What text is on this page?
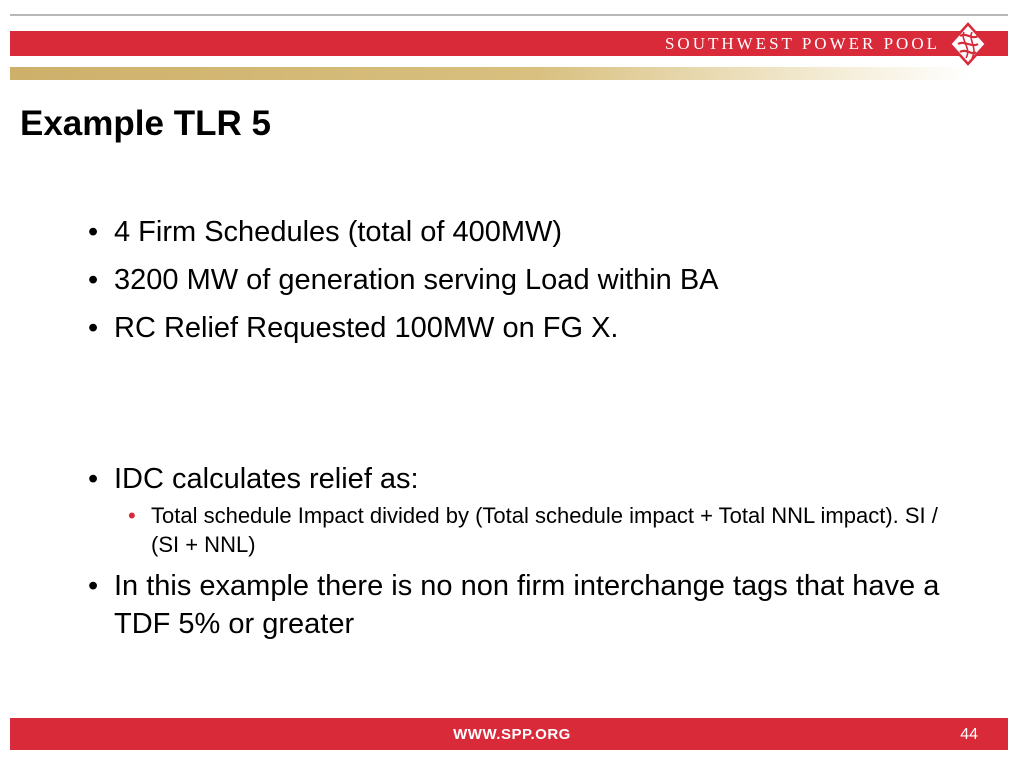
SOUTHWEST POWER POOL
Example TLR 5
• 4 Firm Schedules (total of 400MW)
• 3200 MW of generation serving Load within BA
• RC Relief Requested 100MW on FG X.
• IDC calculates relief as:
• Total schedule Impact divided by (Total schedule impact + Total NNL impact). SI / (SI + NNL)
• In this example there is no non firm interchange tags that have a TDF 5% or greater
WWW.SPP.ORG	44
